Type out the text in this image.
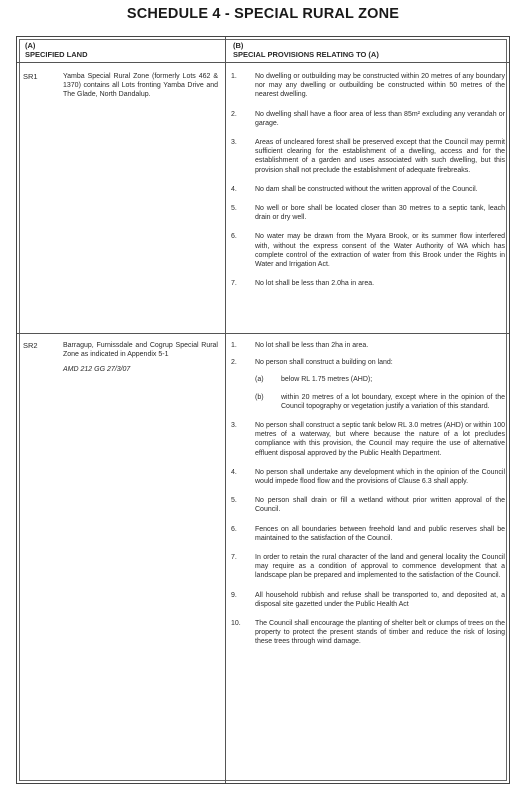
SCHEDULE 4 - SPECIAL RURAL ZONE
(A)
SPECIFIED LAND
(B)
SPECIAL PROVISIONS RELATING TO (A)
SR1	Yamba Special Rural Zone (formerly Lots 462 & 1370) contains all Lots fronting Yamba Drive and The Glade, North Dandalup.
1.	No dwelling or outbuilding may be constructed within 20 metres of any boundary nor may any dwelling or outbuilding be constructed within 50 metres of the nearest dwelling.
2.	No dwelling shall have a floor area of less than 85m² excluding any verandah or garage.
3.	Areas of uncleared forest shall be preserved except that the Council may permit sufficient clearing for the establishment of a dwelling, access and for the establishment of a garden and uses associated with such dwelling, but this provision shall not preclude the establishment of adequate firebreaks.
4.	No dam shall be constructed without the written approval of the Council.
5.	No well or bore shall be located closer than 30 metres to a septic tank, leach drain or dry well.
6.	No water may be drawn from the Myara Brook, or its summer flow interfered with, without the express consent of the Water Authority of WA which has complete control of the extraction of water from this Brook under the Rights in Water and Irrigation Act.
7.	No lot shall be less than 2.0ha in area.
SR2	Barragup, Furnissdale and Cogrup Special Rural Zone as indicated in Appendix 5-1
AMD 212 GG 27/3/07
1.	No lot shall be less than 2ha in area.
2.	No person shall construct a building on land:
(a) below RL 1.75 metres (AHD);
(b) within 20 metres of a lot boundary, except where in the opinion of the Council topography or vegetation justify a variation of this standard.
3.	No person shall construct a septic tank below RL 3.0 metres (AHD) or within 100 metres of a waterway, but where because the nature of a lot precludes compliance with this provision, the Council may require the use of alternative effluent disposal approved by the Public Health Department.
4.	No person shall undertake any development which in the opinion of the Council would impede flood flow and the provisions of Clause 6.3 shall apply.
5.	No person shall drain or fill a wetland without prior written approval of the Council.
6.	Fences on all boundaries between freehold land and public reserves shall be maintained to the satisfaction of the Council.
7.	In order to retain the rural character of the land and general locality the Council may require as a condition of approval to commence development that a landscape plan be prepared and implemented to the satisfaction of the Council.
9.	All household rubbish and refuse shall be transported to, and deposited at, a disposal site gazetted under the Public Health Act
10. The Council shall encourage the planting of shelter belt or clumps of trees on the property to protect the present stands of timber and reduce the risk of losing these trees through wind damage.
